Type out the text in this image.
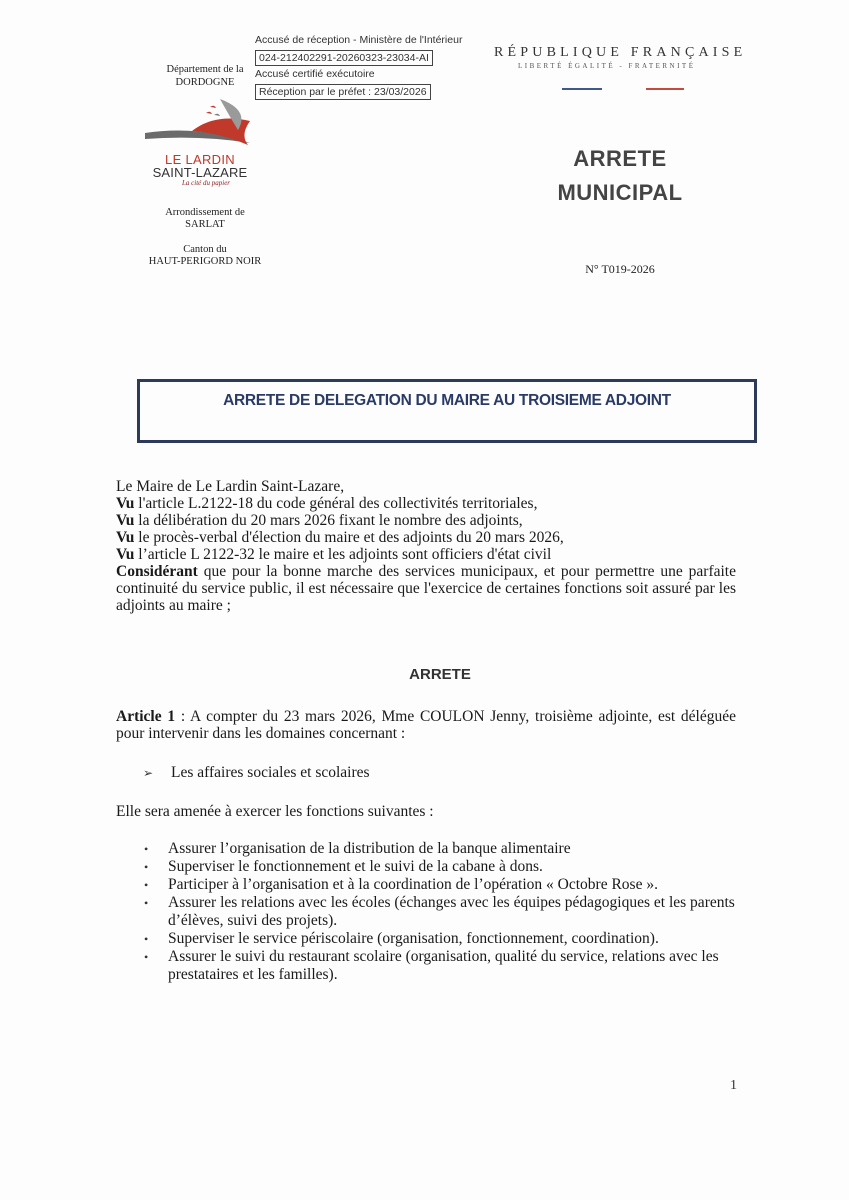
Département de la
DORDOGNE
LE LARDIN
SAINT-LAZARE
La cité du papier
Arrondissement de
SARLAT
Canton du
HAUT-PERIGORD NOIR
Accusé de réception - Ministère de l'Intérieur
024-212402291-20260323-23034-AI
Accusé certifié exécutoire
Réception par le préfet : 23/03/2026
RÉPUBLIQUE FRANÇAISE
LIBERTÉ ÉGALITÉ - FRATERNITÉ
ARRETE
MUNICIPAL
N° T019-2026
ARRETE DE DELEGATION DU MAIRE AU TROISIEME ADJOINT

Le Maire de Le Lardin Saint-Lazare,

Vu l'article L.2122-18 du code général des collectivités territoriales,

Vu la délibération du 20 mars 2026 fixant le nombre des adjoints,

Vu le procès-verbal d'élection du maire et des adjoints du 20 mars 2026,

Vu l’article L 2122-32 le maire et les adjoints sont officiers d'état civil

Considérant que pour la bonne marche des services municipaux, et pour permettre une parfaite continuité du service public, il est nécessaire que l'exercice de certaines fonctions soit assuré par les adjoints au maire ;

ARRETE

Article 1 : A compter du 23 mars 2026, Mme COULON Jenny, troisième adjointe, est déléguée pour intervenir dans les domaines concernant :

➢ Les affaires sociales et scolaires
Elle sera amenée à exercer les fonctions suivantes :
• Assurer l’organisation de la distribution de la banque alimentaire
• Superviser le fonctionnement et le suivi de la cabane à dons.
• Participer à l’organisation et à la coordination de l’opération « Octobre Rose ».
• Assurer les relations avec les écoles (échanges avec les équipes pédagogiques et les parents d’élèves, suivi des projets).
• Superviser le service périscolaire (organisation, fonctionnement, coordination).
• Assurer le suivi du restaurant scolaire (organisation, qualité du service, relations avec les prestataires et les familles).
1
